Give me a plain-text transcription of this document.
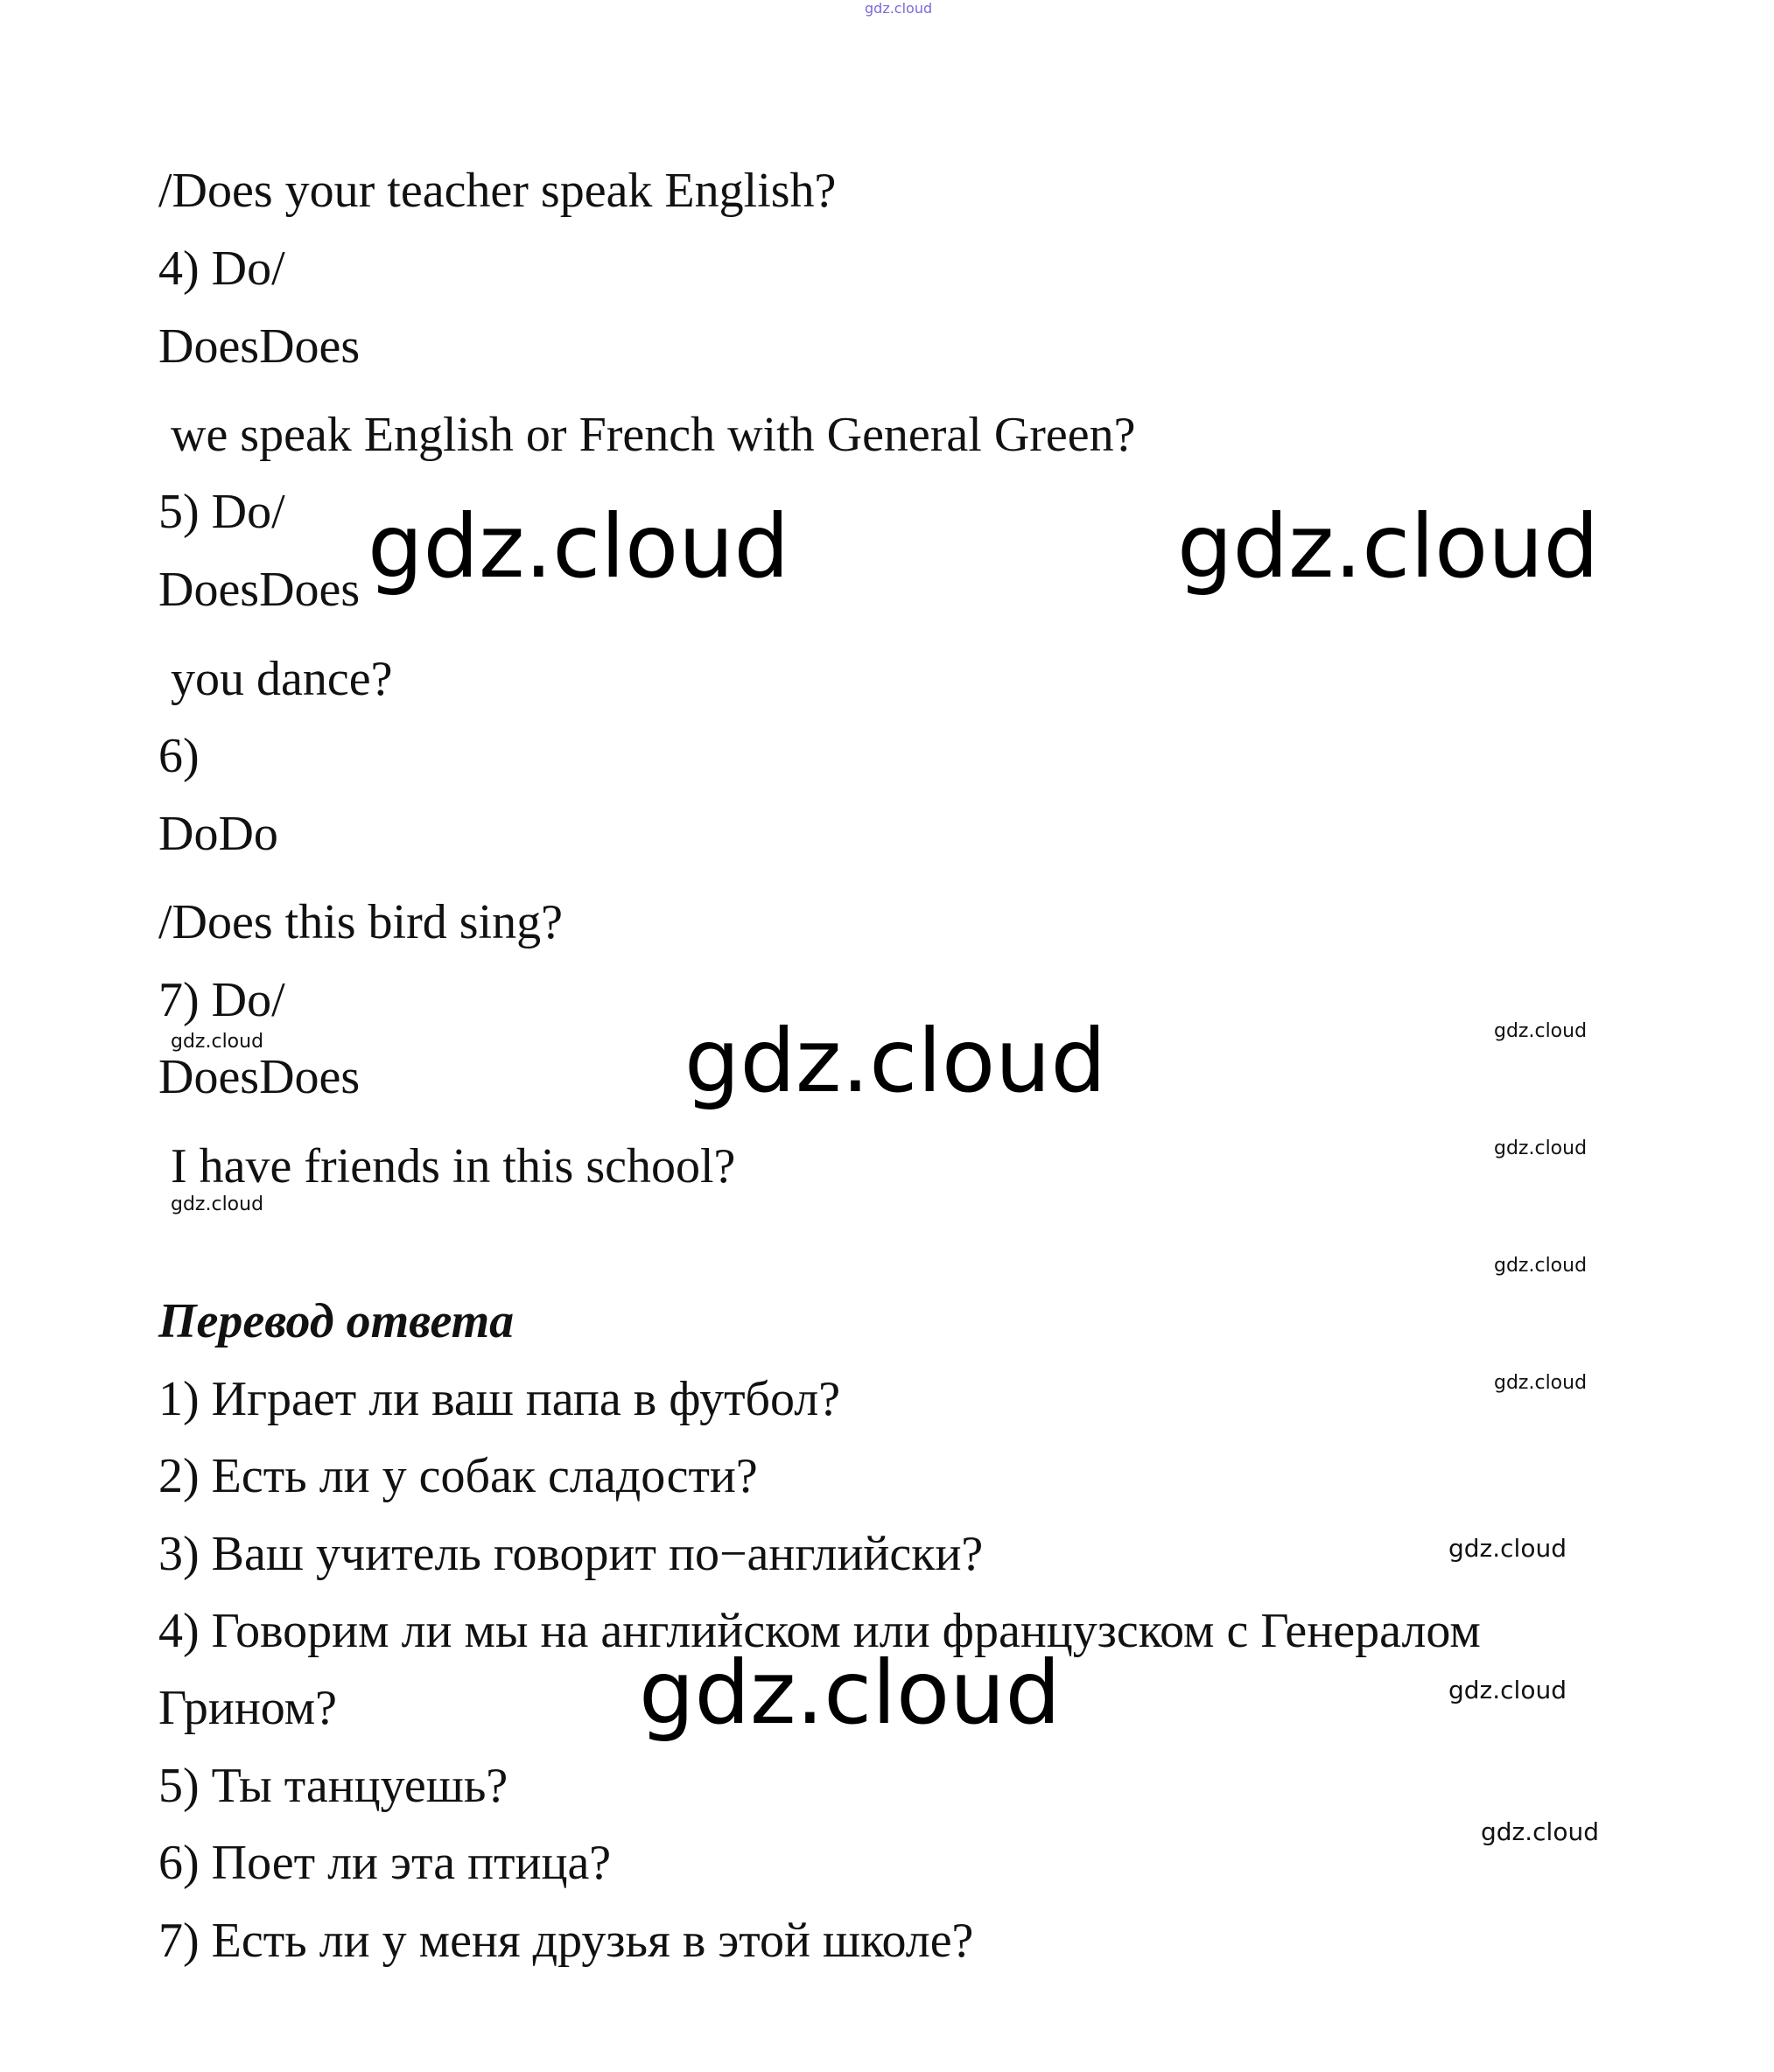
gdz.cloud
/Does your teacher speak English?
4) Do/
DoesDoes
we speak English or French with General Green?
5) Do/
DoesDoes
you dance?
6)
DoDo
/Does this bird sing?
7) Do/
DoesDoes
I have friends in this school?
Перевод ответа
1) Играет ли ваш папа в футбол?
2) Есть ли у собак сладости?
3) Ваш учитель говорит по−английски?
4) Говорим ли мы на английском или французском с Генералом
Грином?
5) Ты танцуешь?
6) Поет ли эта птица?
7) Есть ли у меня друзья в этой школе?
gdz.cloud	gdz.cloud
gdz.cloud
gdz.cloud
gdz.cloud
gdz.cloud
gdz.cloud
gdz.cloud
gdz.cloud
gdz.cloud
gdz.cloud
gdz.cloud
gdz.cloud
